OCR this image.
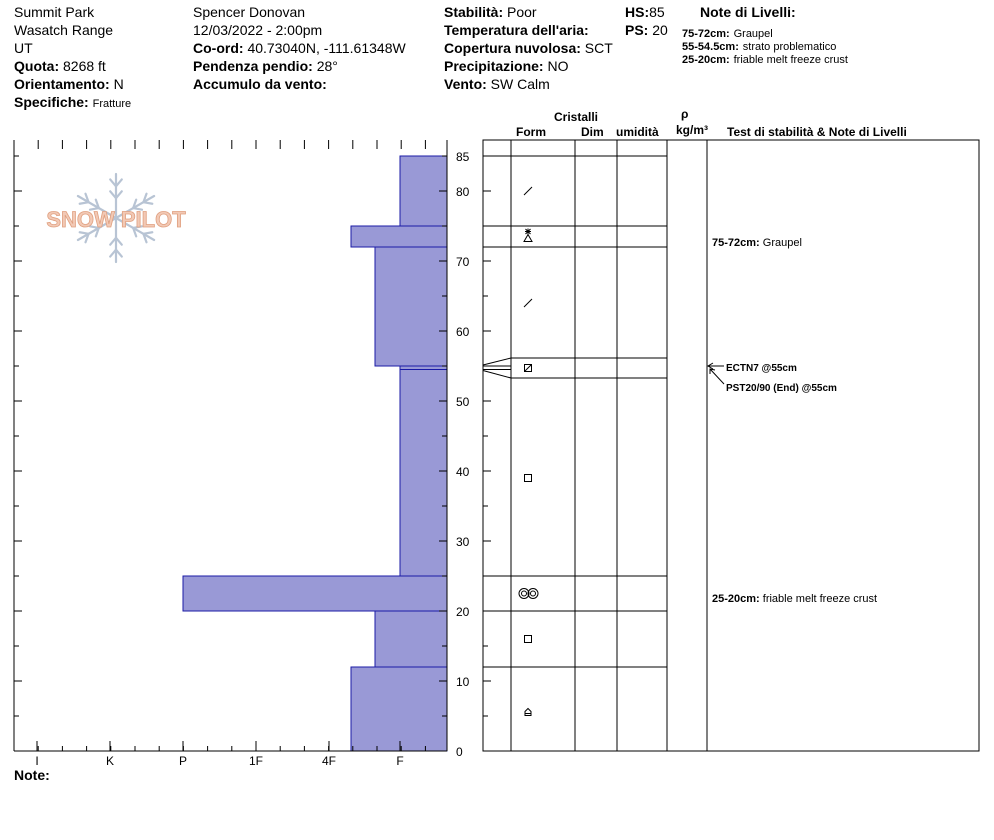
Summit Park
Wasatch Range
UT
Quota: 8268 ft
Orientamento: N
Specifiche: Fratture
Spencer Donovan
12/03/2022 - 2:00pm
Co-ord: 40.73040N, -111.61348W
Pendenza pendio: 28°
Accumulo da vento:
Stabilità: Poor
Temperatura dell'aria:
Copertura nuvolosa: SCT
Precipitazione: NO
Vento: SW Calm
HS:85
PS: 20
Note di Livelli:
75-72cm: Graupel
55-54.5cm: strato problematico
25-20cm: friable melt freeze crust
Cristalli
Form	Dim umidità
ρ
kg/m³ Test di stabilità & Note di Livelli
SNOW PILOT
0
10
20
30
40
50
60
70
80
85
I	K	P	1F	4F	F
ECTN7 @55cm
PST20/90 (End) @55cm
75-72cm: Graupel
25-20cm: friable melt freeze crust
Note:
